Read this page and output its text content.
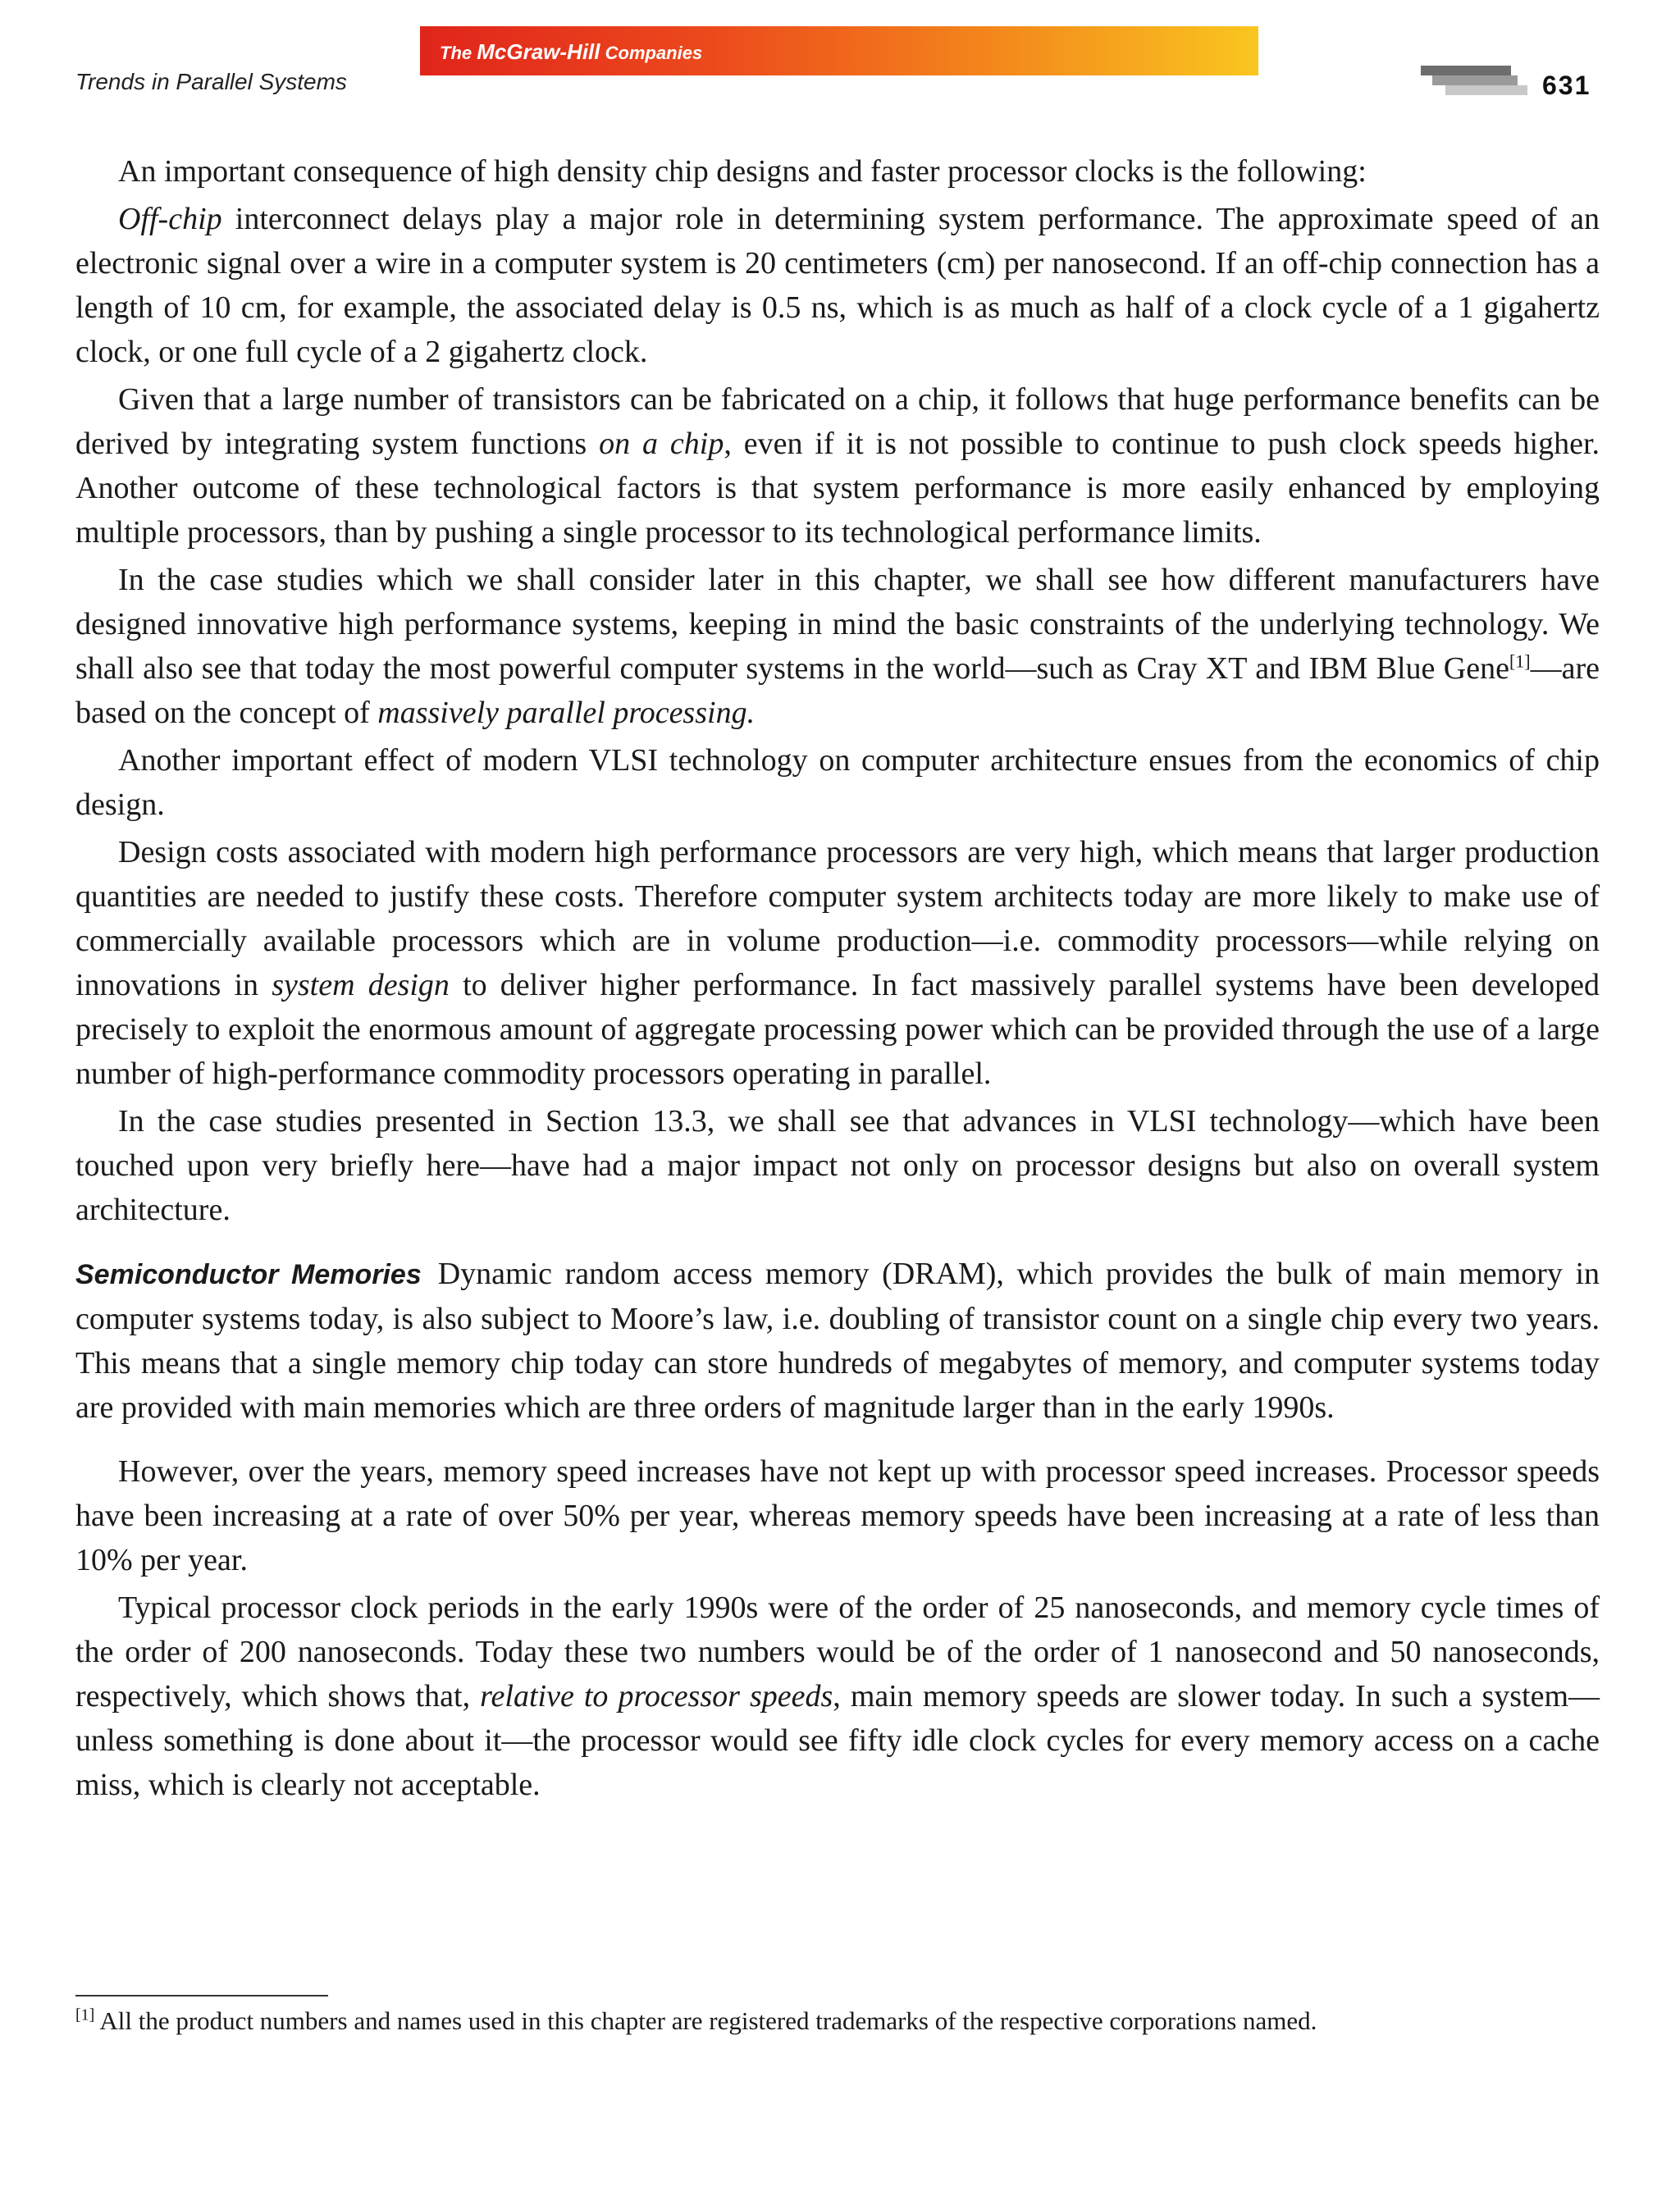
Trends in Parallel Systems
The McGraw-Hill Companies
631

An important consequence of high density chip designs and faster processor clocks is the following:

Off-chip interconnect delays play a major role in determining system performance. The approximate speed of an electronic signal over a wire in a computer system is 20 centimeters (cm) per nanosecond. If an off-chip connection has a length of 10 cm, for example, the associated delay is 0.5 ns, which is as much as half of a clock cycle of a 1 gigahertz clock, or one full cycle of a 2 gigahertz clock.

Given that a large number of transistors can be fabricated on a chip, it follows that huge performance benefits can be derived by integrating system functions on a chip, even if it is not possible to continue to push clock speeds higher. Another outcome of these technological factors is that system performance is more easily enhanced by employing multiple processors, than by pushing a single processor to its technological performance limits.

In the case studies which we shall consider later in this chapter, we shall see how different manufacturers have designed innovative high performance systems, keeping in mind the basic constraints of the underlying technology. We shall also see that today the most powerful computer systems in the world—such as Cray XT and IBM Blue Gene[1]—are based on the concept of massively parallel processing.

Another important effect of modern VLSI technology on computer architecture ensues from the economics of chip design.

Design costs associated with modern high performance processors are very high, which means that larger production quantities are needed to justify these costs. Therefore computer system architects today are more likely to make use of commercially available processors which are in volume production—i.e. commodity processors—while relying on innovations in system design to deliver higher performance. In fact massively parallel systems have been developed precisely to exploit the enormous amount of aggregate processing power which can be provided through the use of a large number of high-performance commodity processors operating in parallel.

In the case studies presented in Section 13.3, we shall see that advances in VLSI technology—which have been touched upon very briefly here—have had a major impact not only on processor designs but also on overall system architecture.

Semiconductor Memories Dynamic random access memory (DRAM), which provides the bulk of main memory in computer systems today, is also subject to Moore’s law, i.e. doubling of transistor count on a single chip every two years. This means that a single memory chip today can store hundreds of megabytes of memory, and computer systems today are provided with main memories which are three orders of magnitude larger than in the early 1990s.

However, over the years, memory speed increases have not kept up with processor speed increases. Processor speeds have been increasing at a rate of over 50% per year, whereas memory speeds have been increasing at a rate of less than 10% per year.

Typical processor clock periods in the early 1990s were of the order of 25 nanoseconds, and memory cycle times of the order of 200 nanoseconds. Today these two numbers would be of the order of 1 nanosecond and 50 nanoseconds, respectively, which shows that, relative to processor speeds, main memory speeds are slower today. In such a system—unless something is done about it—the processor would see fifty idle clock cycles for every memory access on a cache miss, which is clearly not acceptable.

[1] All the product numbers and names used in this chapter are registered trademarks of the respective corporations named.
